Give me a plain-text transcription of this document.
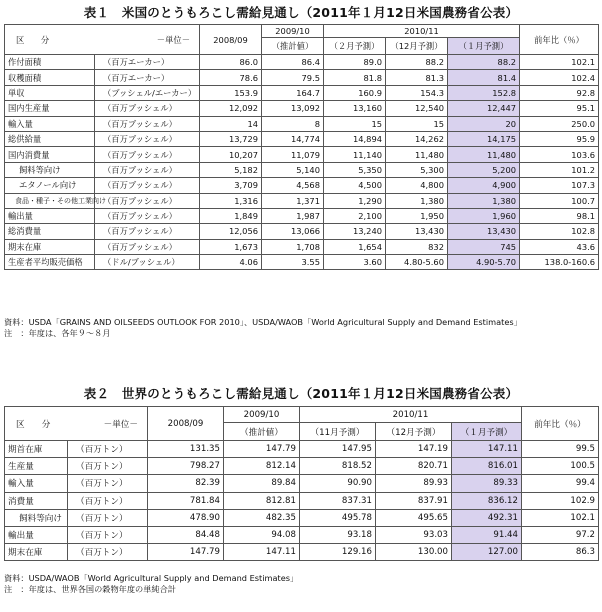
表１　米国のとうもろこし需給見通し（2011年１月12日米国農務省公表）
区　　分 －単位－		2008/09	2009/10	2010/11			前年比（％）
			（推計値）	（２月予測）	（12月予測）	（１月予測）	
作付面積	（百万エーカー）	86.0	86.4	89.0	88.2	88.2	102.1
収穫面積	（百万エーカー）	78.6	79.5	81.8	81.3	81.4	102.4
単収	（ブッシェル/エーカー）	153.9	164.7	160.9	154.3	152.8	92.8
国内生産量	（百万ブッシェル）	12,092	13,092	13,160	12,540	12,447	95.1
輸入量	（百万ブッシェル）	14	8	15	15	20	250.0
総供給量	（百万ブッシェル）	13,729	14,774	14,894	14,262	14,175	95.9
国内消費量	（百万ブッシェル）	10,207	11,079	11,140	11,480	11,480	103.6
飼料等向け	（百万ブッシェル）	5,182	5,140	5,350	5,300	5,200	101.2
エタノール向け	（百万ブッシェル）	3,709	4,568	4,500	4,800	4,900	107.3
食品・種子・その他工業向け	（百万ブッシェル）	1,316	1,371	1,290	1,380	1,380	100.7
輸出量	（百万ブッシェル）	1,849	1,987	2,100	1,950	1,960	98.1
総消費量	（百万ブッシェル）	12,056	13,066	13,240	13,430	13,430	102.8
期末在庫	（百万ブッシェル）	1,673	1,708	1,654	832	745	43.6
生産者平均販売価格	（ドル/ブッシェル）	4.06	3.55	3.60	4.80-5.60	4.90-5.70	138.0-160.6
資料：USDA「GRAINS AND OILSEEDS OUTLOOK FOR 2010」、USDA/WAOB「World Agricultural Supply and Demand Estimates」
注　：年度は、各年９～８月
表２　世界のとうもろこし需給見通し（2011年１月12日米国農務省公表）
区　　分 －単位－		2008/09	2009/10	2010/11			前年比（％）
			（推計値）	（11月予測）	（12月予測）	（１月予測）	
期首在庫	（百万トン）	131.35	147.79	147.95	147.19	147.11	99.5
生産量	（百万トン）	798.27	812.14	818.52	820.71	816.01	100.5
輸入量	（百万トン）	82.39	89.84	90.90	89.93	89.33	99.4
消費量	（百万トン）	781.84	812.81	837.31	837.91	836.12	102.9
飼料等向け	（百万トン）	478.90	482.35	495.78	495.65	492.31	102.1
輸出量	（百万トン）	84.48	94.08	93.18	93.03	91.44	97.2
期末在庫	（百万トン）	147.79	147.11	129.16	130.00	127.00	86.3
資料：USDA/WAOB「World Agricultural Supply and Demand Estimates」
注　：年度は、世界各国の穀物年度の単純合計
